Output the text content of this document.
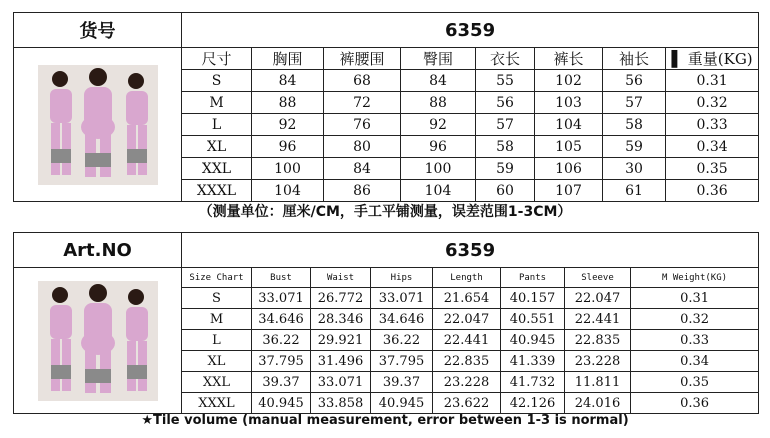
货号	6359							

	尺寸	胸围	裤腰围	臀围	衣长	裤长	袖长	▌ 重量(KG)
	S	84	68	84	55	102	56	0.31
	M	88	72	88	56	103	57	0.32
	L	92	76	92	57	104	58	0.33
	XL	96	80	96	58	105	59	0.34
	XXL	100	84	100	59	106	30	0.35
	XXXL	104	86	104	60	107	61	0.36
（测量单位：厘米/CM，手工平铺测量，误差范围1-3CM）
Art.NO	6359							

	Size Chart	Bust	Waist	Hips	Length	Pants	Sleeve	M Weight(KG)
	S	33.071	26.772	33.071	21.654	40.157	22.047	0.31
	M	34.646	28.346	34.646	22.047	40.551	22.441	0.32
	L	36.22	29.921	36.22	22.441	40.945	22.835	0.33
	XL	37.795	31.496	37.795	22.835	41.339	23.228	0.34
	XXL	39.37	33.071	39.37	23.228	41.732	11.811	0.35
	XXXL	40.945	33.858	40.945	23.622	42.126	24.016	0.36
★Tile volume (manual measurement, error between 1-3 is normal)
